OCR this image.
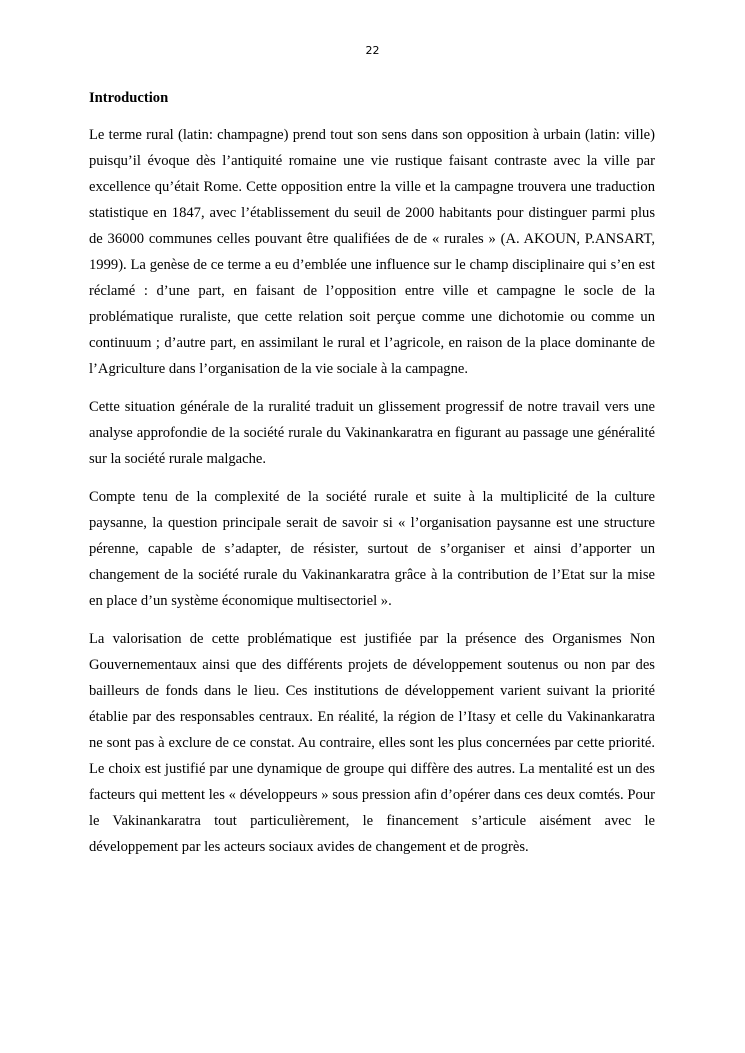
22
Introduction

Le terme rural (latin: champagne) prend tout son sens dans son opposition à urbain (latin: ville) puisqu’il évoque dès l’antiquité romaine une vie rustique faisant contraste avec la ville par excellence qu’était Rome. Cette opposition entre la ville et la campagne trouvera une traduction statistique en 1847, avec l’établissement du seuil de 2000 habitants pour distinguer parmi plus de 36000 communes celles pouvant être qualifiées de de « rurales » (A. AKOUN, P.ANSART, 1999). La genèse de ce terme a eu d’emblée une influence sur le champ disciplinaire qui s’en est réclamé : d’une part, en faisant de l’opposition entre ville et campagne le socle de la problématique ruraliste, que cette relation soit perçue comme une dichotomie ou comme un continuum ; d’autre part, en assimilant le rural et l’agricole, en raison de la place dominante de l’Agriculture dans l’organisation de la vie sociale à la campagne.

Cette situation générale de la ruralité traduit un glissement progressif de notre travail vers une analyse approfondie de la société rurale du Vakinankaratra en figurant au passage une généralité sur la société rurale malgache.

Compte tenu de la complexité de la société rurale et suite à la multiplicité de la culture paysanne, la question principale serait de savoir si « l’organisation paysanne est une structure pérenne, capable de s’adapter, de résister, surtout de s’organiser et ainsi d’apporter un changement de la société rurale du Vakinankaratra grâce à la contribution de l’Etat sur la mise en place d’un système économique multisectoriel ».

La valorisation de cette problématique est justifiée par la présence des Organismes Non Gouvernementaux ainsi que des différents projets de développement soutenus ou non par des bailleurs de fonds dans le lieu. Ces institutions de développement varient suivant la priorité établie par des responsables centraux. En réalité, la région de l’Itasy et celle du Vakinankaratra ne sont pas à exclure de ce constat. Au contraire, elles sont les plus concernées par cette priorité. Le choix est justifié par une dynamique de groupe qui diffère des autres. La mentalité est un des facteurs qui mettent les « développeurs » sous pression afin d’opérer dans ces deux comtés. Pour le Vakinankaratra tout particulièrement, le financement s’articule aisément avec le développement par les acteurs sociaux avides de changement et de progrès.
